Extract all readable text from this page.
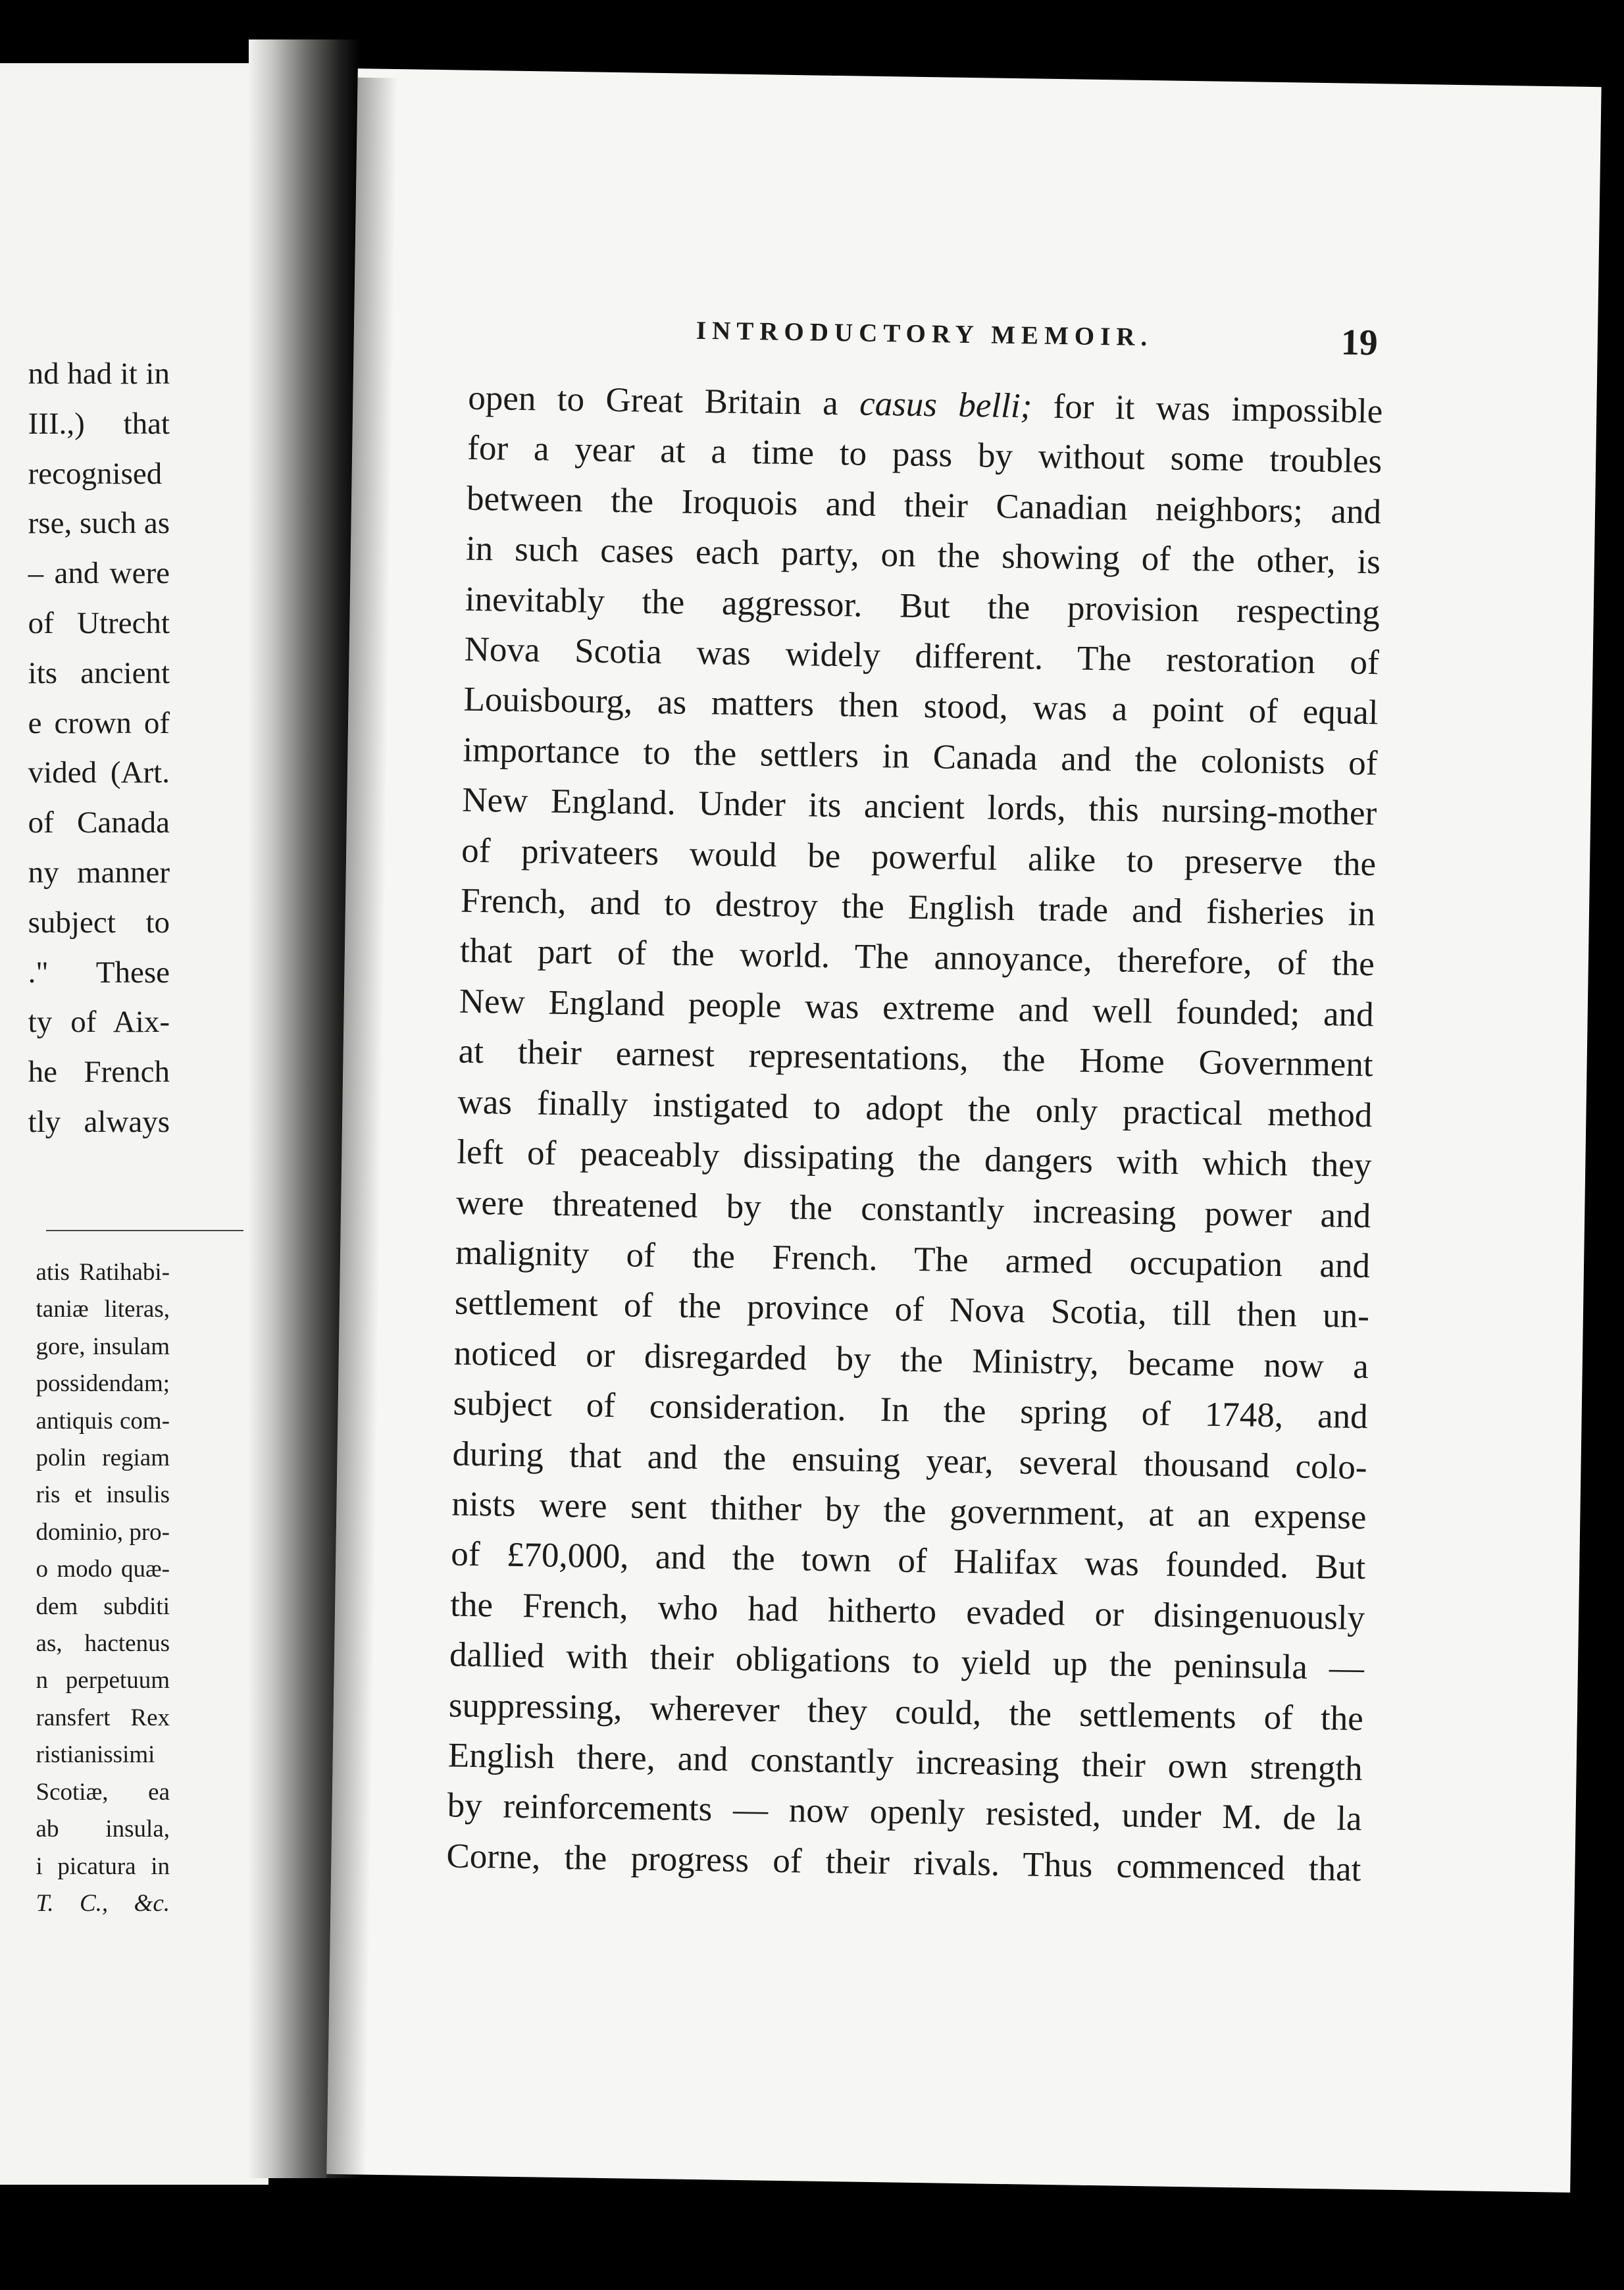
nd had it in
III.,) that
recognised
rse, such as
– and were
of Utrecht
its ancient
e crown of
vided (Art.
of Canada
ny manner
subject to
." These
ty of Aix-
he French
tly always
atis Ratihabi-
taniæ literas,
gore, insulam
possidendam;
antiquis com-
polin regiam
ris et insulis
dominio, pro-
o modo quæ-
dem subditi
as, hactenus
n perpetuum
ransfert Rex
ristianissimi
Scotiæ, ea
ab insula,
i picatura in
T. C., &c.
INTRODUCTORY MEMOIR.	19
open to Great Britain a casus belli; for it was impossible
for a year at a time to pass by without some troubles
between the Iroquois and their Canadian neighbors; and
in such cases each party, on the showing of the other, is
inevitably the aggressor. But the provision respecting
Nova Scotia was widely different. The restoration of
Louisbourg, as matters then stood, was a point of equal
importance to the settlers in Canada and the colonists of
New England. Under its ancient lords, this nursing-mother
of privateers would be powerful alike to preserve the
French, and to destroy the English trade and fisheries in
that part of the world. The annoyance, therefore, of the
New England people was extreme and well founded; and
at their earnest representations, the Home Government
was finally instigated to adopt the only practical method
left of peaceably dissipating the dangers with which they
were threatened by the constantly increasing power and
malignity of the French. The armed occupation and
settlement of the province of Nova Scotia, till then un-
noticed or disregarded by the Ministry, became now a
subject of consideration. In the spring of 1748, and
during that and the ensuing year, several thousand colo-
nists were sent thither by the government, at an expense
of £70,000, and the town of Halifax was founded. But
the French, who had hitherto evaded or disingenuously
dallied with their obligations to yield up the peninsula —
suppressing, wherever they could, the settlements of the
English there, and constantly increasing their own strength
by reinforcements — now openly resisted, under M. de la
Corne, the progress of their rivals. Thus commenced that
